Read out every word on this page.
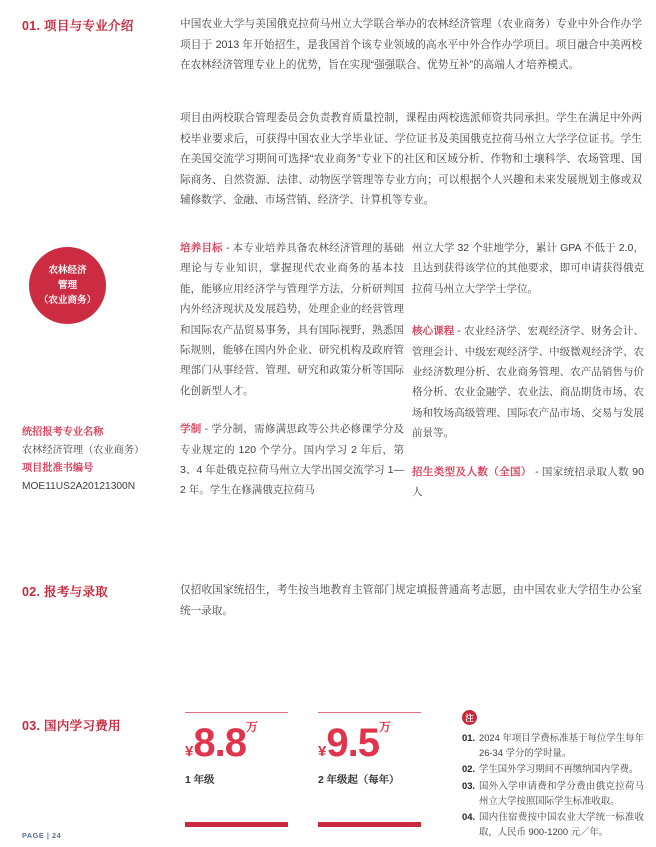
01. 项目与专业介绍	中国农业大学与美国俄克拉荷马州立大学联合举办的农林经济管理（农业商务）专业中外合作办学项目于 2013 年开始招生，是我国首个该专业领域的高水平中外合作办学项目。项目融合中美两校在农林经济管理专业上的优势，旨在实现“强强联合、优势互补”的高端人才培养模式。
项目由两校联合管理委员会负责教育质量控制，课程由两校选派师资共同承担。学生在满足中外两校毕业要求后，可获得中国农业大学毕业证、学位证书及美国俄克拉荷马州立大学学位证书。学生在美国交流学习期间可选择“农业商务”专业下的社区和区域分析、作物和土壤科学、农场管理、国际商务、自然资源、法律、动物医学管理等专业方向；可以根据个人兴趣和未来发展规划主修或双辅修数学、金融、市场营销、经济学、计算机等专业。
农林经济
管理
（农业商务）
统招报考专业名称
农林经济管理（农业商务）
项目批准书编号
MOE11US2A20121300N

培养目标 - 本专业培养具备农林经济管理的基础理论与专业知识，掌握现代农业商务的基本技能，能够应用经济学与管理学方法，分析研判国内外经济现状及发展趋势，处理企业的经营管理和国际农产品贸易事务，具有国际视野，熟悉国际规则，能够在国内外企业、研究机构及政府管理部门从事经营、管理、研究和政策分析等国际化创新型人才。

学制 - 学分制，需修满思政等公共必修课学分及专业规定的 120 个学分。国内学习 2 年后，第 3、4 年赴俄克拉荷马州立大学出国交流学习 1—2 年。学生在修满俄克拉荷马

州立大学 32 个驻地学分，累计 GPA 不低于 2.0，且达到获得该学位的其他要求，即可申请获得俄克拉荷马州立大学学士学位。

核心课程 - 农业经济学、宏观经济学、财务会计、管理会计、中级宏观经济学、中级微观经济学、农业经济数理分析、农业商务管理、农产品销售与价格分析、农业金融学、农业法、商品期货市场、农场和牧场高级管理、国际农产品市场、交易与发展前景等。

招生类型及人数（全国） - 国家统招录取人数 90 人

02. 报考与录取	仅招收国家统招生，考生按当地教育主管部门规定填报普通高考志愿，由中国农业大学招生办公室统一录取。
03. 国内学习费用
¥ 8.8 万
1 年级
¥ 9.5 万
2 年级起（每年）
注
01. 2024 年项目学费标准基于每位学生每年 26-34 学分的学时量。
02. 学生国外学习期间不再缴纳国内学费。
03. 国外入学申请费和学分费由俄克拉荷马州立大学按照国际学生标准收取。
04. 国内住宿费按中国农业大学统一标准收取，人民币 900-1200 元／年。
PAGE | 24
